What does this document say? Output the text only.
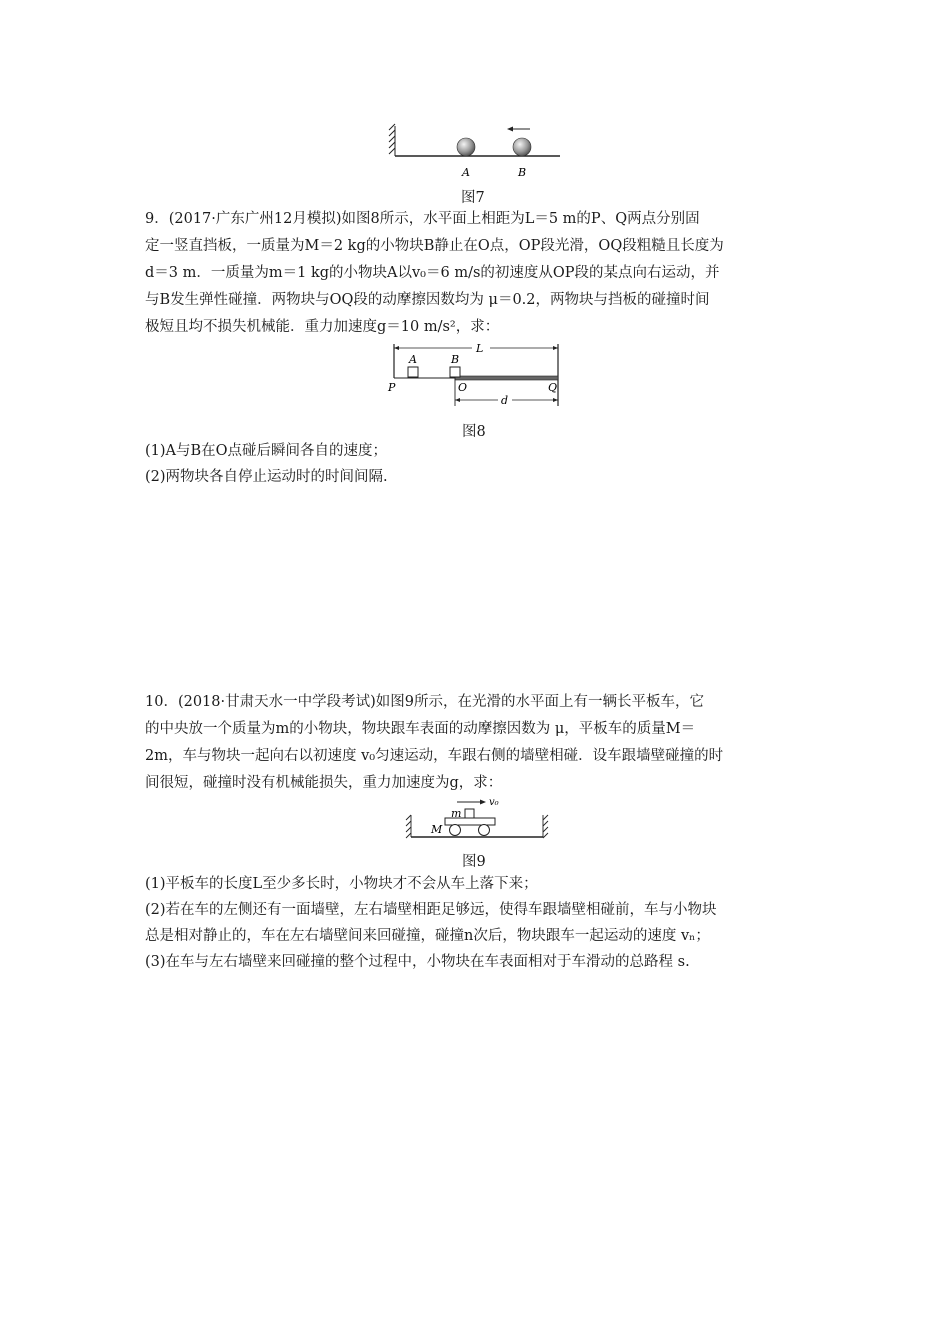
A	B
图7
9．(2017·广东广州12月模拟)如图8所示，水平面上相距为L＝5 m的P、Q两点分别固
定一竖直挡板，一质量为M＝2 kg的小物块B静止在O点，OP段光滑，OQ段粗糙且长度为
d＝3 m．一质量为m＝1 kg的小物块A以v₀＝6 m/s的初速度从OP段的某点向右运动，并
与B发生弹性碰撞．两物块与OQ段的动摩擦因数均为 μ＝0.2，两物块与挡板的碰撞时间
极短且均不损失机械能．重力加速度g＝10 m/s²，求：
L
A	B
P	O	Q
d
图8
(1)A与B在O点碰后瞬间各自的速度；
(2)两物块各自停止运动时的时间间隔.
10．(2018·甘肃天水一中学段考试)如图9所示，在光滑的水平面上有一辆长平板车，它
的中央放一个质量为m的小物块，物块跟车表面的动摩擦因数为 μ，平板车的质量M＝
2m，车与物块一起向右以初速度 v₀匀速运动，车跟右侧的墙壁相碰．设车跟墙壁碰撞的时
间很短，碰撞时没有机械能损失，重力加速度为g，求：
m
M
v₀
图9
(1)平板车的长度L至少多长时，小物块才不会从车上落下来；
(2)若在车的左侧还有一面墙壁，左右墙壁相距足够远，使得车跟墙壁相碰前，车与小物块
总是相对静止的，车在左右墙壁间来回碰撞，碰撞n次后，物块跟车一起运动的速度 vₙ；
(3)在车与左右墙壁来回碰撞的整个过程中，小物块在车表面相对于车滑动的总路程 s.
